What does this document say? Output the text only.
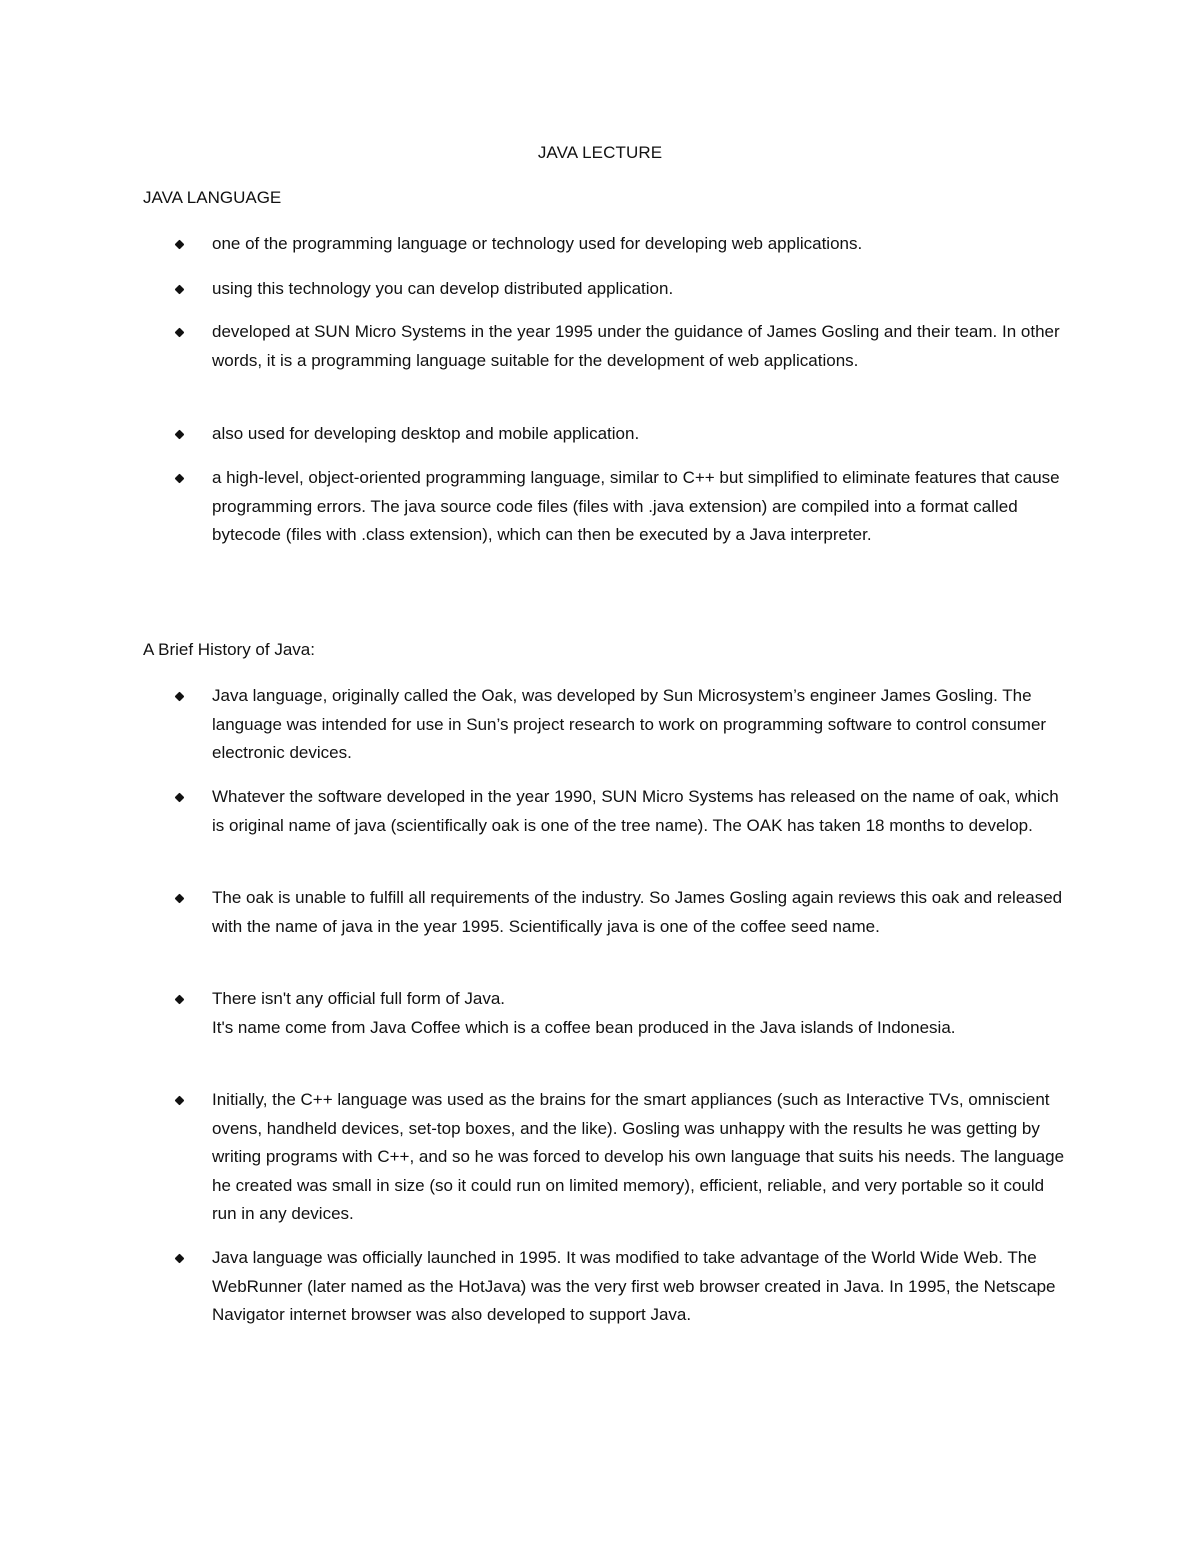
JAVA LECTURE
JAVA LANGUAGE
one of the programming language or technology used for developing web applications.
using this technology you can develop distributed application.
developed at SUN Micro Systems in the year 1995 under the guidance of James Gosling and their team. In other words, it is a programming language suitable for the development of web applications.
also used for developing desktop and mobile application.
a high-level, object-oriented programming language, similar to C++ but simplified to eliminate features that cause programming errors. The java source code files (files with .java extension) are compiled into a format called bytecode (files with .class extension), which can then be executed by a Java interpreter.
A Brief History of Java:
Java language, originally called the Oak, was developed by Sun Microsystem’s engineer James Gosling. The language was intended for use in Sun’s project research to work on programming software to control consumer electronic devices.
Whatever the software developed in the year 1990, SUN Micro Systems has released on the name of oak, which is original name of java (scientifically oak is one of the tree name). The OAK has taken 18 months to develop.
The oak is unable to fulfill all requirements of the industry. So James Gosling again reviews this oak and released with the name of java in the year 1995. Scientifically java is one of the coffee seed name.
There isn't any official full form of Java.
It's name come from Java Coffee which is a coffee bean produced in the Java islands of Indonesia.
Initially, the C++ language was used as the brains for the smart appliances (such as Interactive TVs, omniscient ovens, handheld devices, set-top boxes, and the like). Gosling was unhappy with the results he was getting by writing programs with C++, and so he was forced to develop his own language that suits his needs. The language he created was small in size (so it could run on limited memory), efficient, reliable, and very portable so it could run in any devices.
Java language was officially launched in 1995. It was modified to take advantage of the World Wide Web. The WebRunner (later named as the HotJava) was the very first web browser created in Java. In 1995, the Netscape Navigator internet browser was also developed to support Java.
